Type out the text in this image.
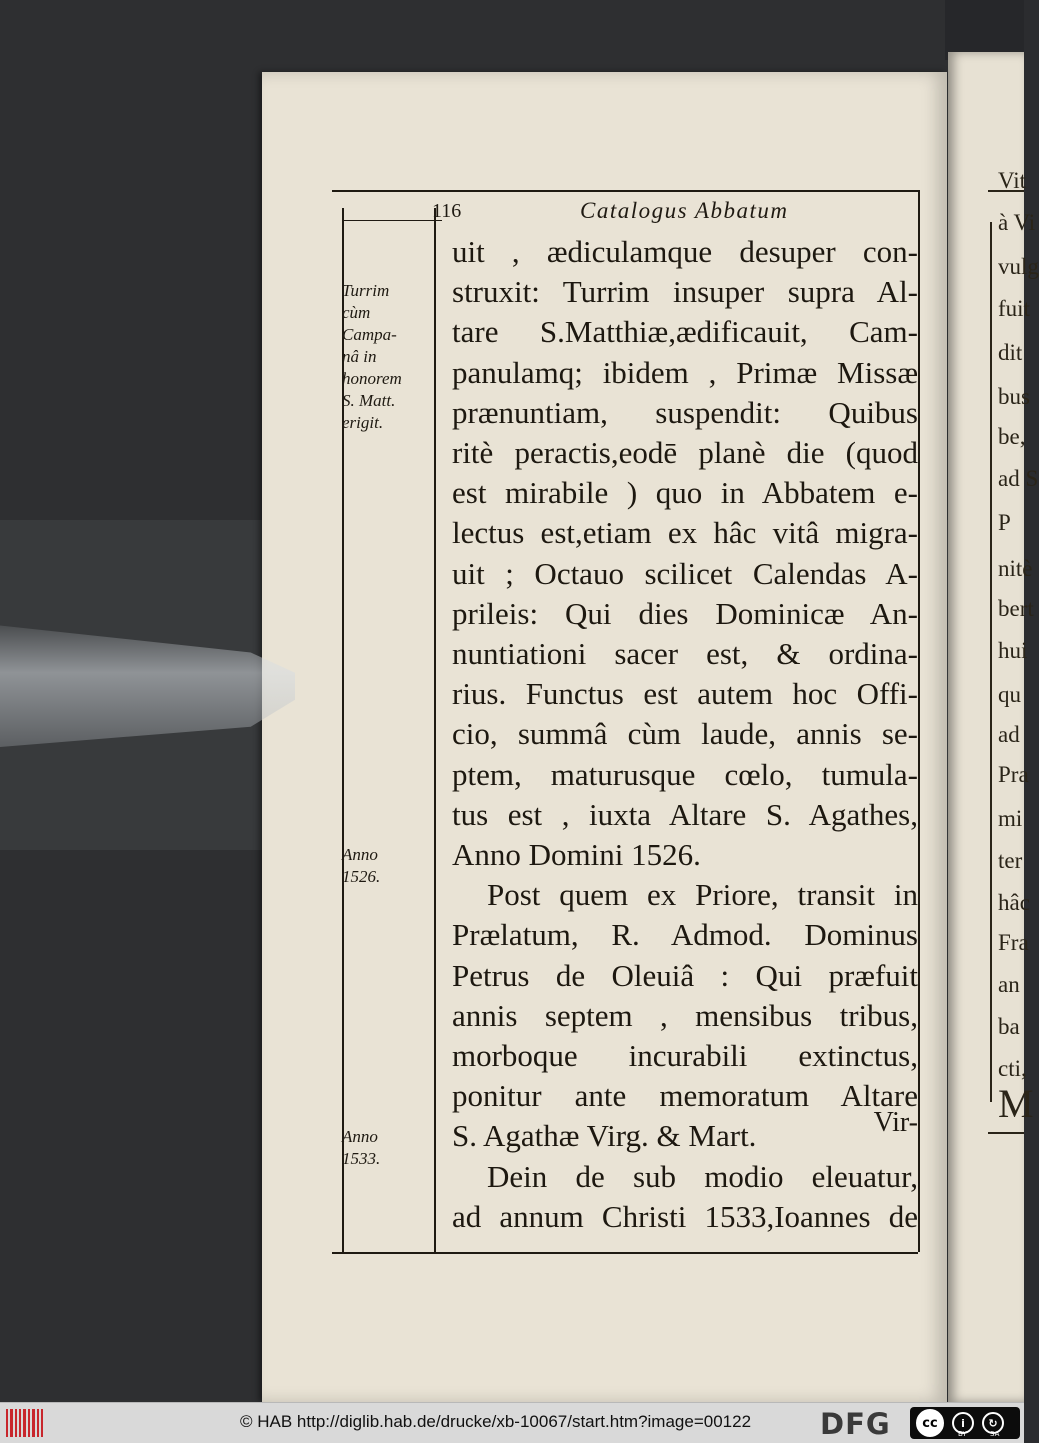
Vit
à Vi
vulg
fuit
dit
bus
be,
ad S
P
nitè
bert
hui
qu
ad
Pra
mi
ter
hâc
Fra
an
ba
cti,
M
116	Catalogus Abbatum
Turrim
cùm
Campa-
nâ in
honorem
S. Matt.
erigit.
Anno
1526.
Anno
1533.
uit , ædiculamque desuper con-
struxit: Turrim insuper supra Al-
tare S.Matthiæ,ædificauit, Cam-
panulamq; ibidem , Primæ Missæ
prænuntiam, suspendit: Quibus
ritè peractis,eodē planè die (quod
est mirabile ) quo in Abbatem e-
lectus est,etiam ex hâc vitâ migra-
uit ; Octauo scilicet Calendas A-
prileis: Qui dies Dominicæ An-
nuntiationi sacer est, & ordina-
rius. Functus est autem hoc Offi-
cio, summâ cùm laude, annis se-
ptem, maturusque cœlo, tumula-
tus est , iuxta Altare S. Agathes,
Anno Domini 1526.
Post quem ex Priore, transit in
Prælatum, R. Admod. Dominus
Petrus de Oleuiâ : Qui præfuit
annis septem , mensibus tribus,
morboque incurabili extinctus,
ponitur ante memoratum Altare
S. Agathæ Virg. & Mart.
Dein de sub modio eleuatur,
ad annum Christi 1533,Ioannes de
Vir-
© HAB http://diglib.hab.de/drucke/xb-10067/start.htm?image=00122 DFG	cc	i	↻
BY	SA
